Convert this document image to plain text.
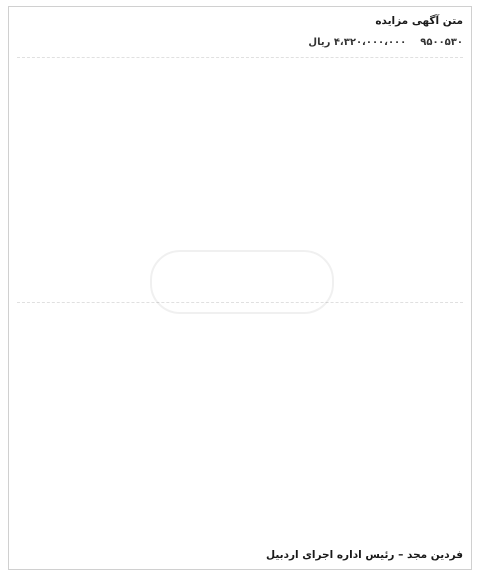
متن آگهی مزایده
۹۵۰۰۵۳۰
۴،۳۲۰،۰۰۰،۰۰۰ ریال
فردین مجد – رئیس اداره اجرای اردبیل
